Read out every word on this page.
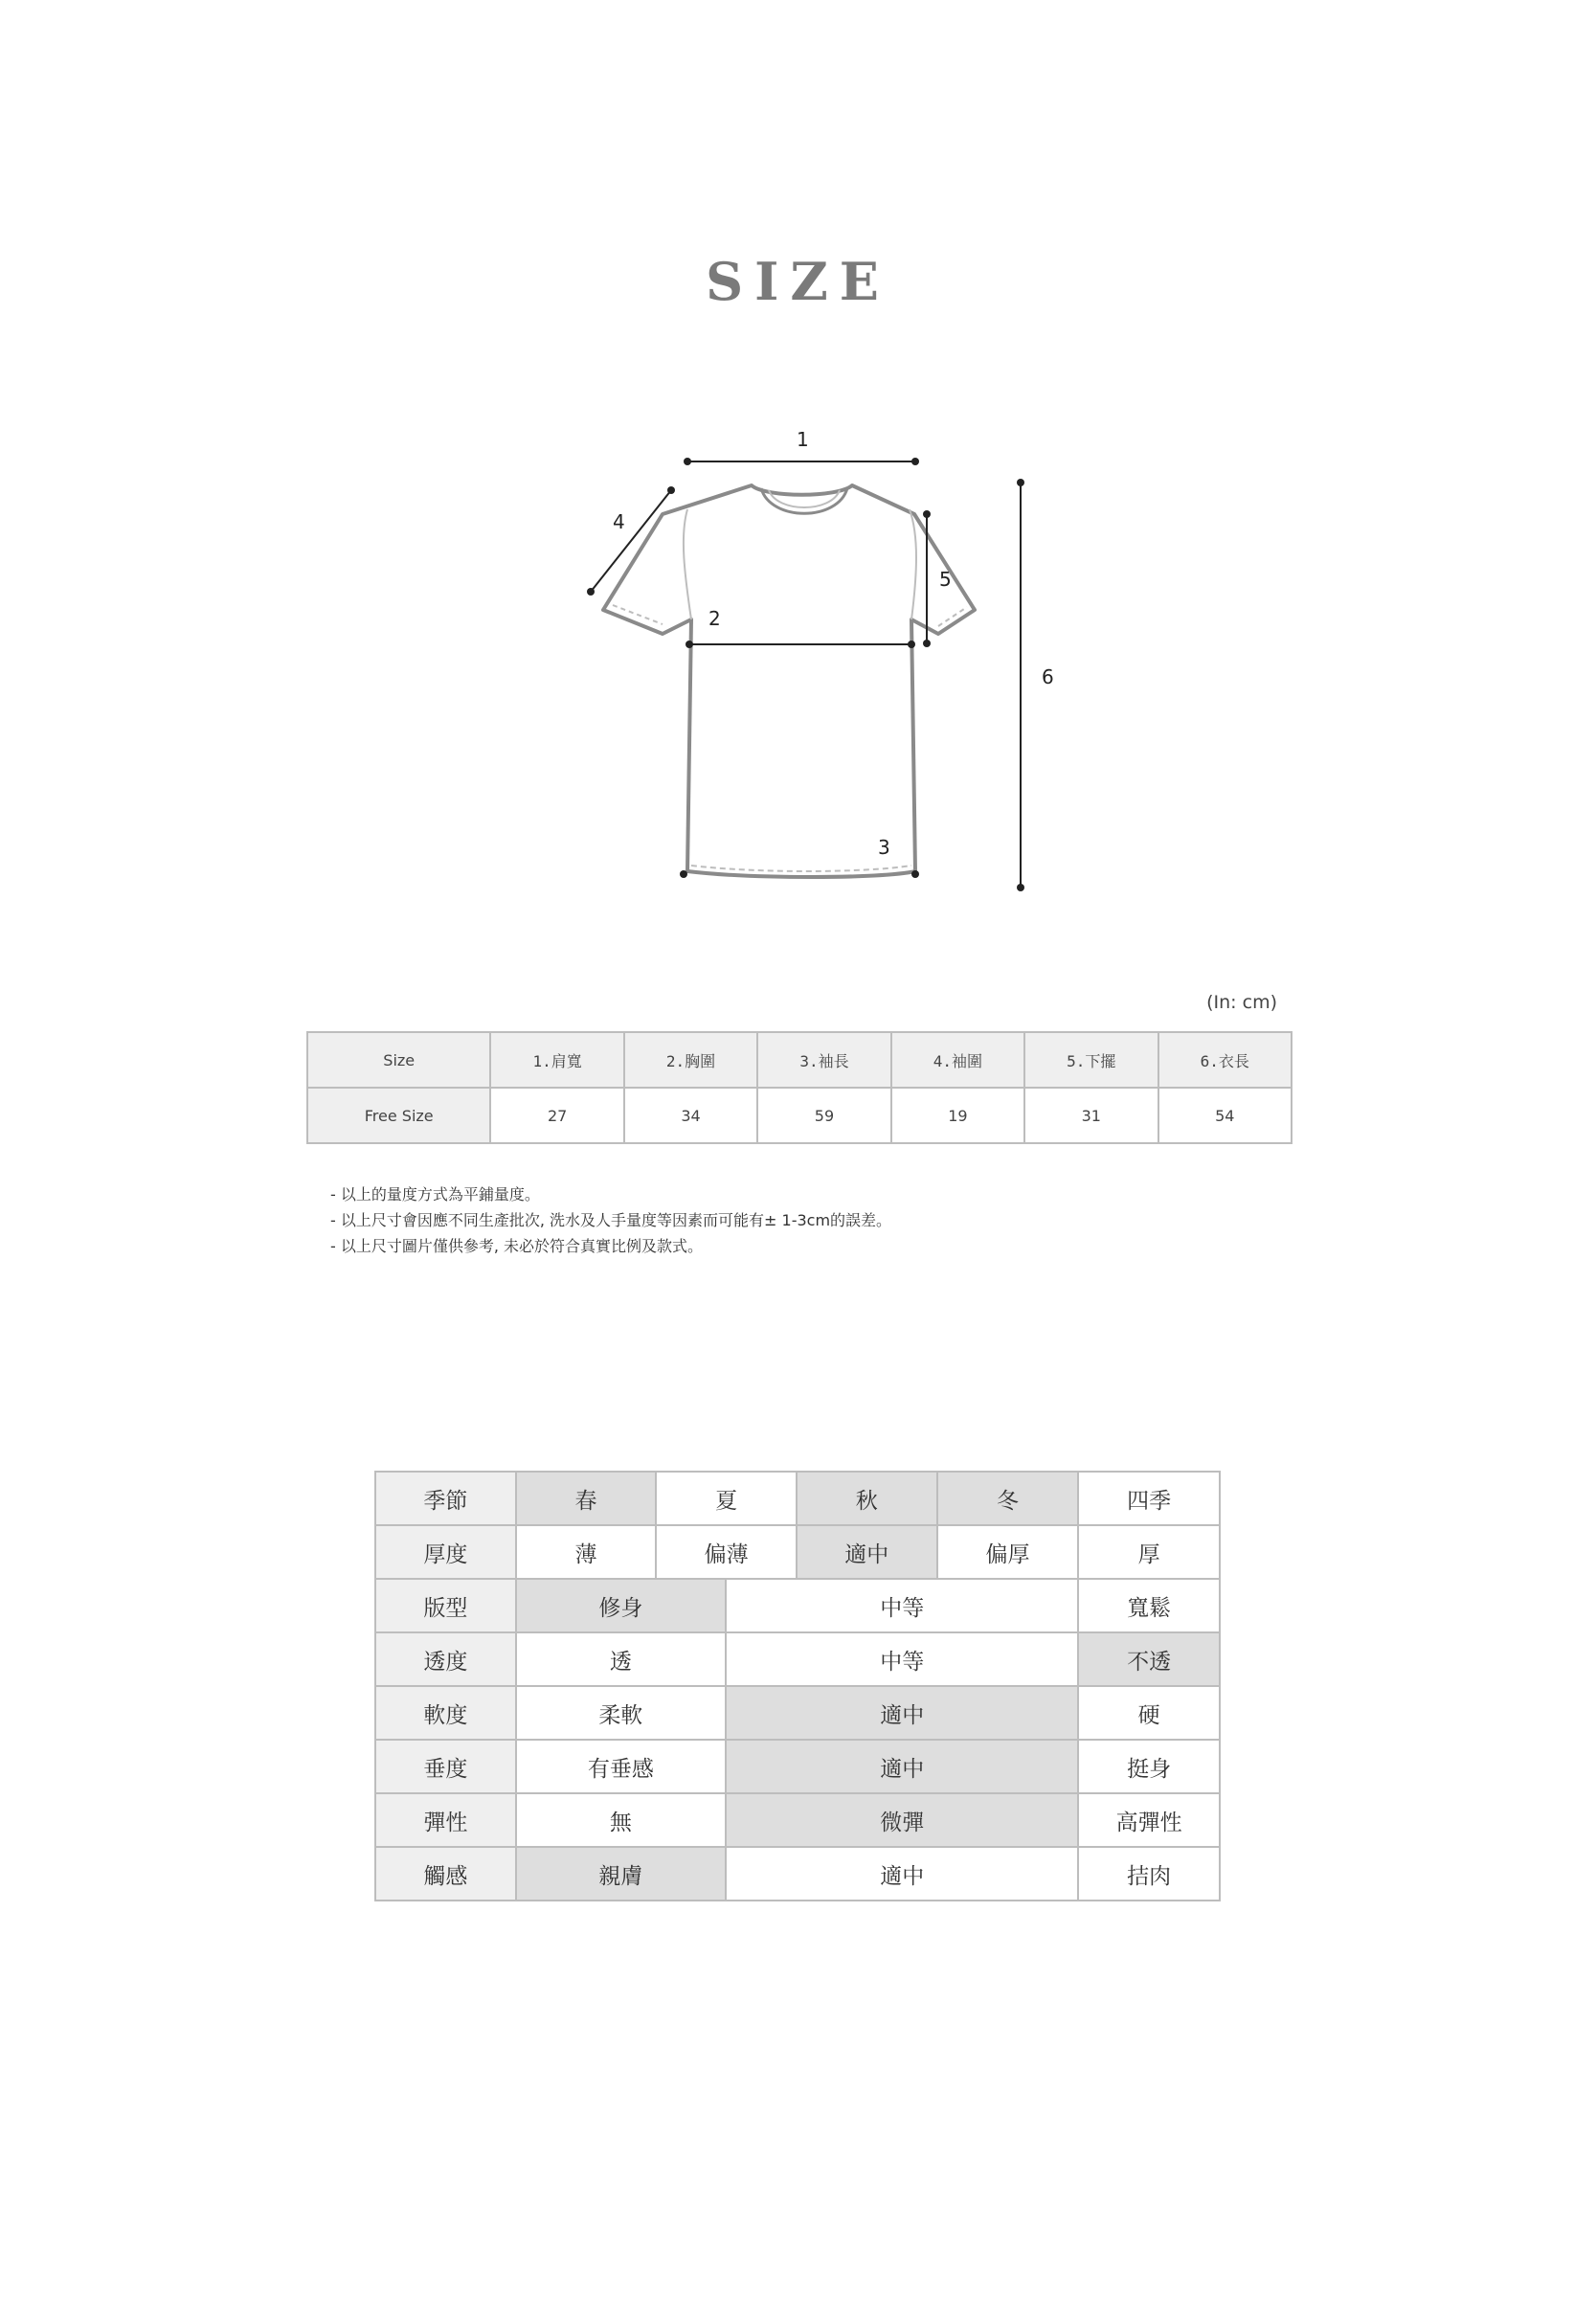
SIZE
1
2
3
4
5
6
(In: cm)
Size	1.肩寬	2.胸圍	3.袖長	4.袖圍	5.下擺	6.衣長
Free Size	27	34	59	19	31	54
- 以上的量度方式為平鋪量度。
- 以上尺寸會因應不同生產批次, 洗水及人手量度等因素而可能有± 1-3cm的誤差。
- 以上尺寸圖片僅供參考, 未必於符合真實比例及款式。
季節	春	夏		秋	冬	四季
厚度	薄	偏薄		適中	偏厚	厚
版型	修身		中等			寬鬆
透度	透		中等			不透
軟度	柔軟		適中			硬
垂度	有垂感		適中			挺身
彈性	無		微彈			高彈性
觸感	親膚		適中			拮肉
